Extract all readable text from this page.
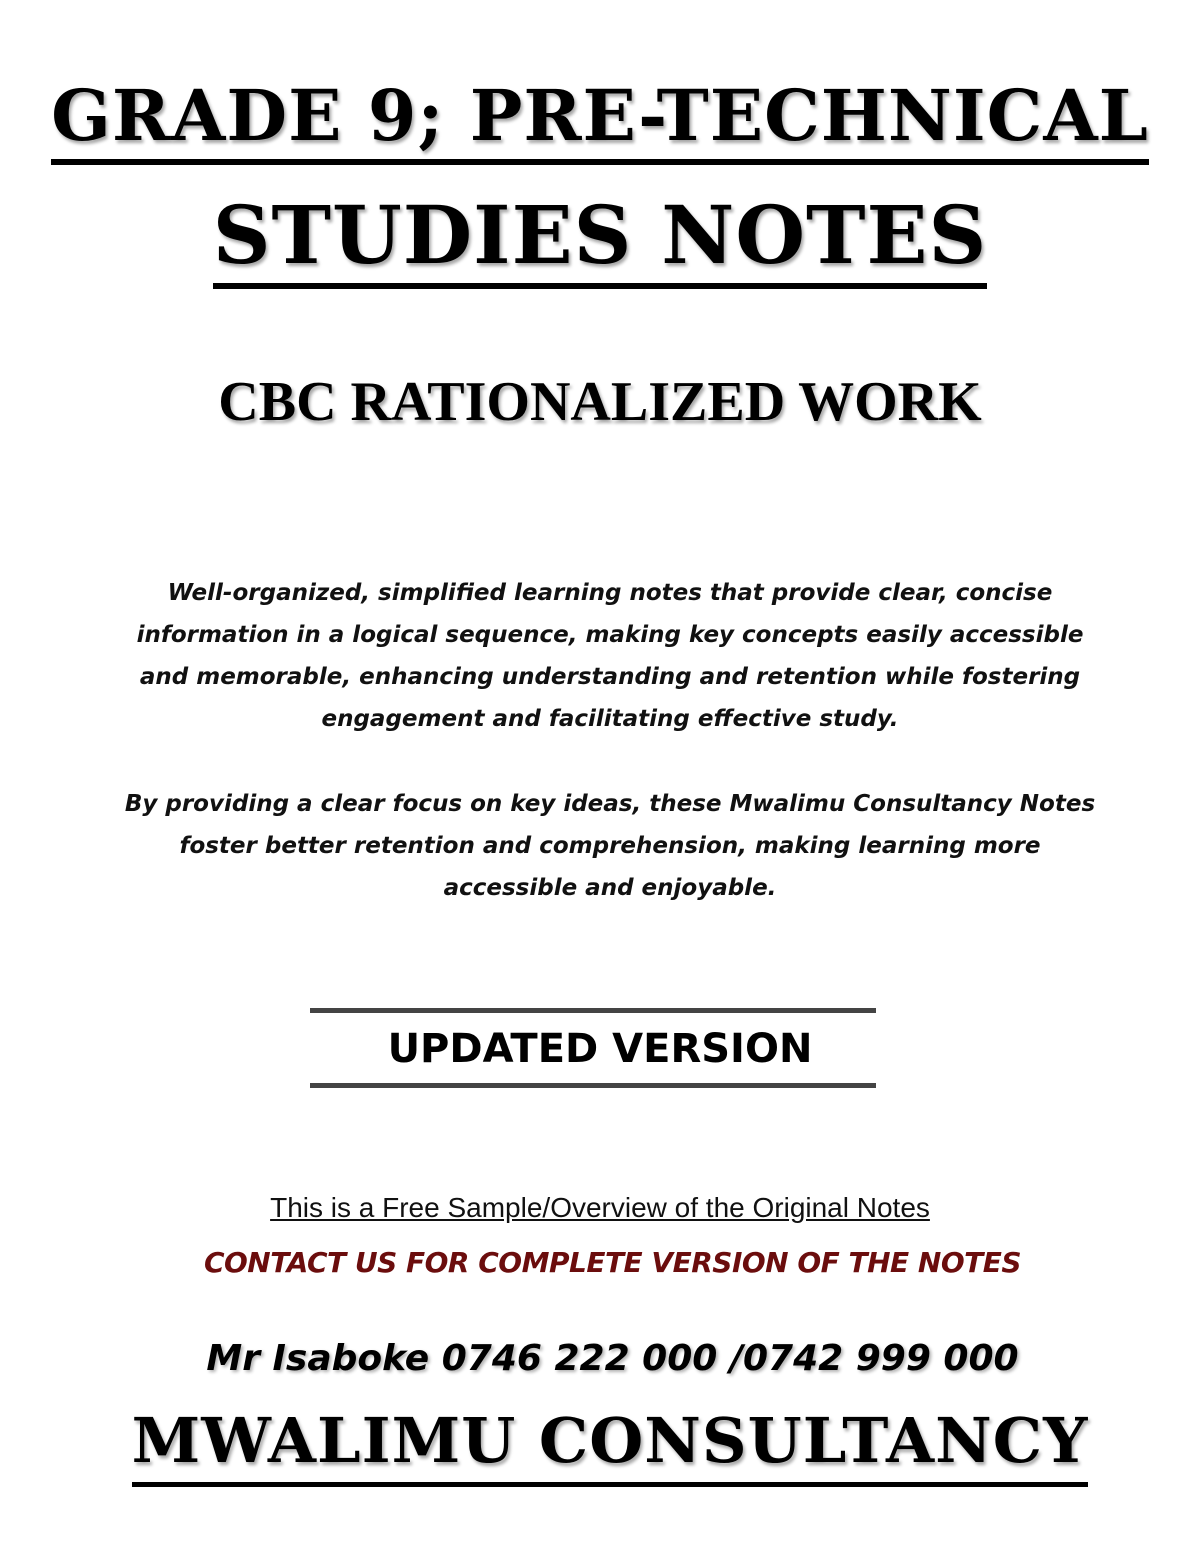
GRADE 9; PRE-TECHNICAL
STUDIES NOTES
CBC RATIONALIZED WORK
Well-organized, simplified learning notes that provide clear, concise information in a logical sequence, making key concepts easily accessible and memorable, enhancing understanding and retention while fostering engagement and facilitating effective study.
By providing a clear focus on key ideas, these Mwalimu Consultancy Notes foster better retention and comprehension, making learning more accessible and enjoyable.
UPDATED VERSION
This is a Free Sample/Overview of the Original Notes
CONTACT US FOR COMPLETE VERSION OF THE NOTES
Mr Isaboke 0746 222 000 /0742 999 000
MWALIMU CONSULTANCY
